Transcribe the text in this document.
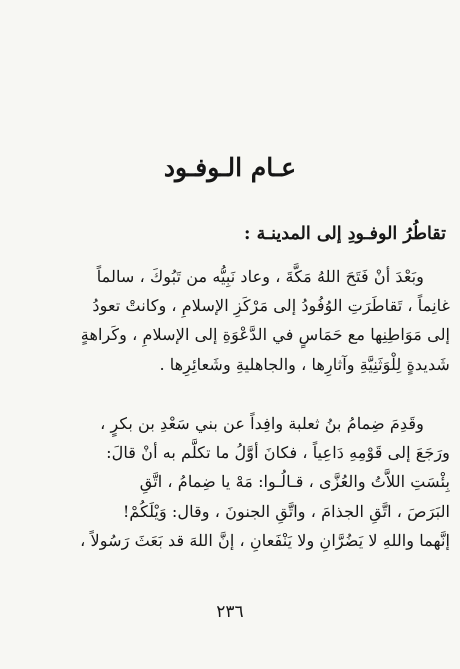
عـام الـوفـود
تقاطُرُ الوفـودِ إلى المدينـة :
وبَعْدَ أنْ فَتَحَ اللهُ مَكَّةَ ، وعاد نَبِيُّه من تَبُوكَ ، سالماً
غانِماً ، تَقاطَرَتِ الوُفُودُ إلى مَرْكَزِ الإسلامِ ، وكانتْ تعودُ
إلى مَوَاطِنِها مع حَمَاسٍ في الدَّعْوَةِ إلى الإسلامِ ، وكَراهةٍ
شَديدةٍ لِلْوَثَنِيَّةِ وآثارِها ، والجاهليةِ وشَعائِرِها .
وقَدِمَ ضِمامُ بنُ ثعلبة وافِداً عن بني سَعْدِ بن بكرٍ ،
ورَجَعَ إلى قَوْمِهِ دَاعِياً ، فكانَ أوَّلُ ما تكلَّم به أنْ قالَ:
بِئْسَتِ اللاَّتُ والعُزَّى ، قـالُـوا: مَهْ يا ضِمامُ ، اتَّقِ
البَرَصَ ، اتَّقِ الجذامَ ، واتَّقِ الجنونَ ، وقال: وَيْلَكُمْ!
إنَّهما واللهِ لا يَضُرَّانِ ولا يَنْفَعانِ ، إنَّ اللهَ قد بَعَثَ رَسُولاً ،
٢٣٦
